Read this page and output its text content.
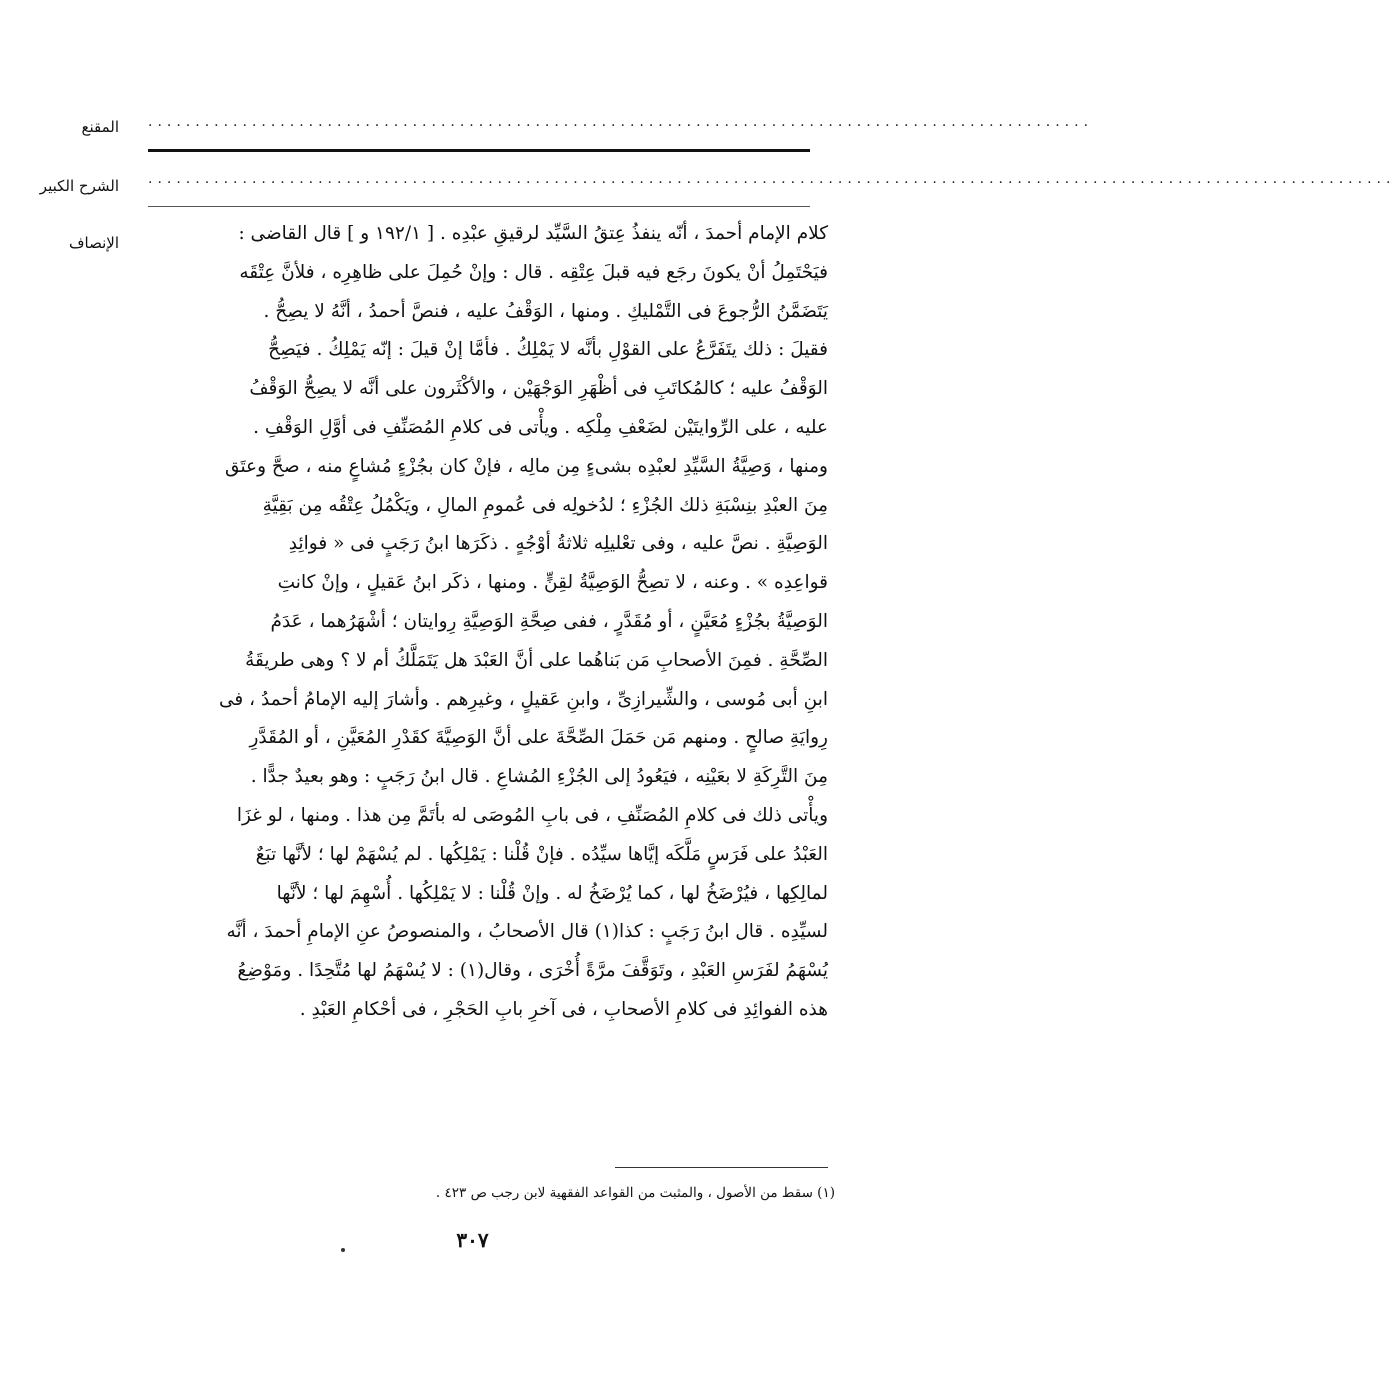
المقنع
الشرح الكبير
الإنصاف
....................................................................................................
....................................................................................................................................
كلام الإمام أحمدَ ، أنّه ينفذُ عِتقُ السَّيِّد لرقيقِ عبْدِه . [ ١٩٢/١ و ] قال القاضى :
فيَحْتَمِلُ أنْ يكونَ رجَع فيه قبلَ عِتْقِه . قال : وإنْ حُمِلَ على ظاهِرِه ، فلأنَّ عِتْقَه
يَتَضَمَّنُ الرُّجوعَ فى التَّمْليكِ . ومنها ، الوَقْفُ عليه ، فنصَّ أحمدُ ، أنَّهُ لا يصِحُّ .
فقيلَ : ذلك يتَفَرَّعُ على القوْلِ بأنَّه لا يَمْلِكُ . فأمَّا إنْ قيلَ : إنّه يَمْلِكُ . فيَصِحُّ
الوَقْفُ عليه ؛ كالمُكاتَبِ فى أظْهَرِ الوَجْهَيْن ، والأكْثَرون على أنَّه لا يصِحُّ الوَقْفُ
عليه ، على الرِّوايتَيْن لضَعْفِ مِلْكِه . ويأْتى فى كلامِ المُصَنِّفِ فى أوَّلِ الوَقْفِ .
ومنها ، وَصِيَّةُ السَّيِّدِ لعبْدِه بشىءٍ مِن مالِه ، فإنْ كان بجُزْءٍ مُشاعٍ منه ، صحَّ وعتَق
مِنَ العبْدِ بنِسْبَةِ ذلك الجُزْءِ ؛ لدُخولِه فى عُمومِ المالِ ، ويَكْمُلُ عِتْقُه مِن بَقِيَّةِ
الوَصِيَّةِ . نصَّ عليه ، وفى تعْليلِه ثلاثةُ أوْجُهٍ . ذكَرَها ابنُ رَجَبٍ فى « فوائِدِ
قواعِدِه » . وعنه ، لا تصِحُّ الوَصِيَّةُ لقِنٍّ . ومنها ، ذكَر ابنُ عَقيلٍ ، وإنْ كانتِ
الوَصِيَّةُ بجُزْءٍ مُعَيَّنٍ ، أو مُقَدَّرٍ ، ففى صِحَّةِ الوَصِيَّةِ رِوايتان ؛ أشْهَرُهما ، عَدَمُ
الصِّحَّةِ . فمِنَ الأصحابِ مَن بَناهُما على أنَّ العَبْدَ هل يَتَمَلَّكُ أم لا ؟ وهى طريقَةُ
ابنِ أبى مُوسى ، والشِّيرازِىِّ ، وابنِ عَقيلٍ ، وغيرِهم . وأشارَ إليه الإمامُ أحمدُ ، فى
رِوايَةِ صالحٍ . ومنهم مَن حَمَلَ الصِّحَّةَ على أنَّ الوَصِيَّةَ كقَدْرِ المُعَيَّنِ ، أو المُقَدَّرِ
مِنَ التَّرِكَةِ لا بعَيْنِه ، فيَعُودُ إلى الجُزْءِ المُشاعِ . قال ابنُ رَجَبٍ : وهو بعيدٌ جدًّا .
ويأْتى ذلك فى كلامِ المُصَنِّفِ ، فى بابِ المُوصَى له بأتَمَّ مِن هذا . ومنها ، لو غزَا
العَبْدُ على فَرَسٍ مَلَّكَه إيَّاها سيِّدُه . فإنْ قُلْنا : يَمْلِكُها . لم يُسْهَمْ لها ؛ لأنَّها تبَعٌ
لمالِكِها ، فيُرْضَخُ لها ، كما يُرْضَخُ له . وإنْ قُلْنا : لا يَمْلِكُها . أُسْهِمَ لها ؛ لأنَّها
لسيِّدِه . قال ابنُ رَجَبٍ : كذا(١) قال الأصحابُ ، والمنصوصُ عنِ الإمامِ أحمدَ ، أنَّه
يُسْهَمُ لفَرَسِ العَبْدِ ، وتَوَقَّفَ مرَّةً أُخْرَى ، وقال(١) : لا يُسْهَمُ لها مُتَّحِدًا . ومَوْضِعُ
هذه الفوائِدِ فى كلامِ الأصحابِ ، فى آخرِ بابِ الحَجْرِ ، فى أحْكامِ العَبْدِ .
(١) سقط من الأصول ، والمثبت من القواعد الفقهية لابن رجب ص ٤٢٣ .
٣٠٧
